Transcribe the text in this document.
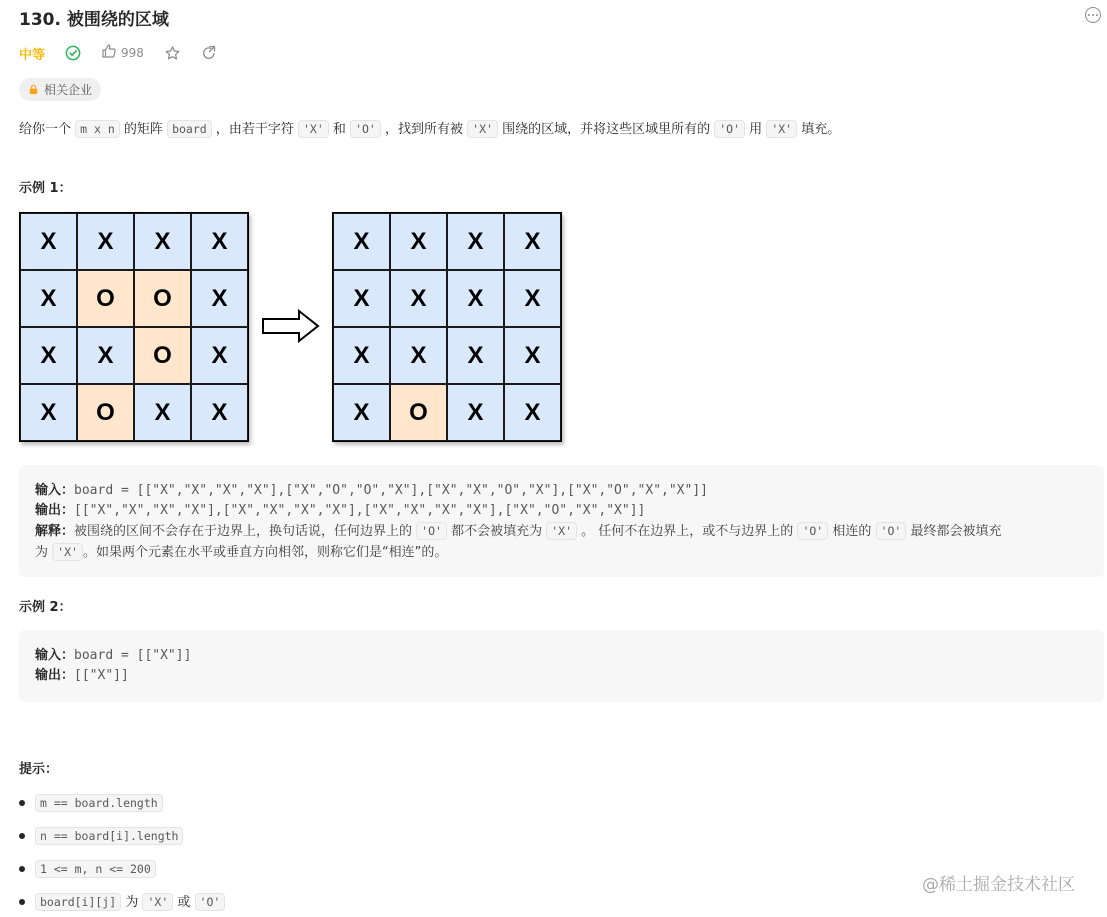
130. 被围绕的区域
中等	998
相关企业
给你一个 m x n 的矩阵 board ，由若干字符 'X' 和 'O' ，找到所有被 'X' 围绕的区域，并将这些区域里所有的 'O' 用 'X' 填充。
示例 1：
X	X	X	X
X	O	O	X
X	X	O	X
X	O	X	X
X	X	X	X
X	X	X	X
X	X	X	X
X	O	X	X
输入：board = [["X","X","X","X"],["X","O","O","X"],["X","X","O","X"],["X","O","X","X"]]
输出：[["X","X","X","X"],["X","X","X","X"],["X","X","X","X"],["X","O","X","X"]]
解释：被围绕的区间不会存在于边界上，换句话说，任何边界上的 'O' 都不会被填充为 'X' 。 任何不在边界上，或不与边界上的 'O' 相连的 'O' 最终都会被填充
为 'X' 。如果两个元素在水平或垂直方向相邻，则称它们是“相连”的。
示例 2：
输入：board = [["X"]]
输出：[["X"]]
提示：
m == board.length
n == board[i].length
1 <= m, n <= 200
board[i][j] 为 'X' 或 'O'
@稀土掘金技术社区
